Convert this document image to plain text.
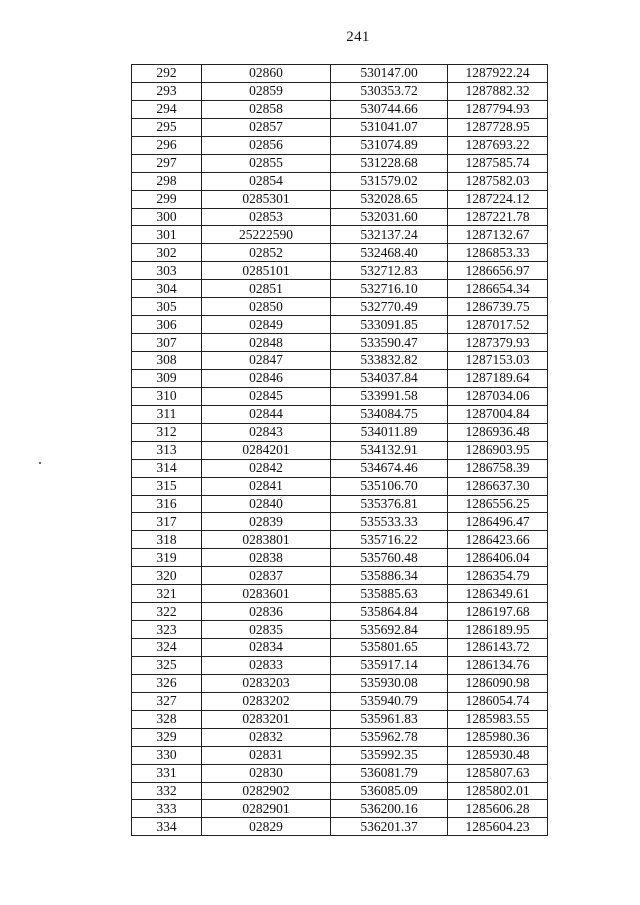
241
292	02860	530147.00	1287922.24
293	02859	530353.72	1287882.32
294	02858	530744.66	1287794.93
295	02857	531041.07	1287728.95
296	02856	531074.89	1287693.22
297	02855	531228.68	1287585.74
298	02854	531579.02	1287582.03
299	0285301	532028.65	1287224.12
300	02853	532031.60	1287221.78
301	25222590	532137.24	1287132.67
302	02852	532468.40	1286853.33
303	0285101	532712.83	1286656.97
304	02851	532716.10	1286654.34
305	02850	532770.49	1286739.75
306	02849	533091.85	1287017.52
307	02848	533590.47	1287379.93
308	02847	533832.82	1287153.03
309	02846	534037.84	1287189.64
310	02845	533991.58	1287034.06
311	02844	534084.75	1287004.84
312	02843	534011.89	1286936.48
313	0284201	534132.91	1286903.95
314	02842	534674.46	1286758.39
315	02841	535106.70	1286637.30
316	02840	535376.81	1286556.25
317	02839	535533.33	1286496.47
318	0283801	535716.22	1286423.66
319	02838	535760.48	1286406.04
320	02837	535886.34	1286354.79
321	0283601	535885.63	1286349.61
322	02836	535864.84	1286197.68
323	02835	535692.84	1286189.95
324	02834	535801.65	1286143.72
325	02833	535917.14	1286134.76
326	0283203	535930.08	1286090.98
327	0283202	535940.79	1286054.74
328	0283201	535961.83	1285983.55
329	02832	535962.78	1285980.36
330	02831	535992.35	1285930.48
331	02830	536081.79	1285807.63
332	0282902	536085.09	1285802.01
333	0282901	536200.16	1285606.28
334	02829	536201.37	1285604.23
